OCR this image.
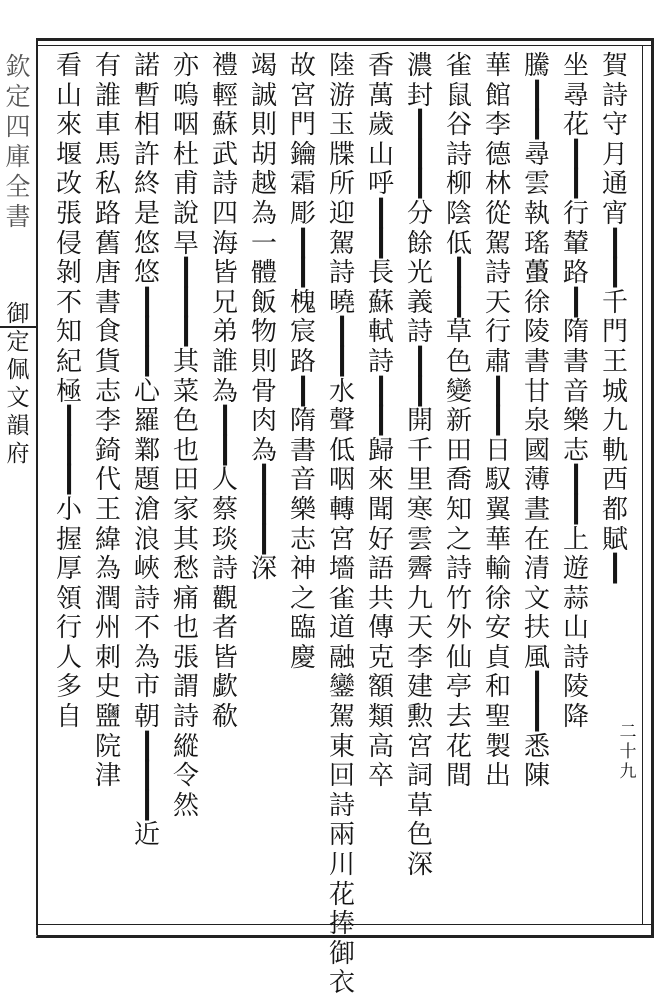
欽
定
四
庫
全
書
御
定
佩
文
韻
府
二
十
九
賀
詩
守
月
通
宵
┃
┃
千
門
王
城
九
軌
西
都
賦
┃
坐
尋
花
┃
┃
行
輦
路
┃
隋
書
音
樂
志
┃
┃
上
遊
蒜
山
詩
陵
降
騰
┃
┃
尋
雲
執
瑤
蠆
徐
陵
書
甘
泉
國
薄
晝
在
清
文
扶
風
┃
┃
悉
陳
華
館
李
德
林
從
駕
詩
天
行
肅
┃
┃
日
馭
翼
華
輸
徐
安
貞
和
聖
製
出
雀
鼠
谷
詩
柳
陰
低
┃
┃
草
色
變
新
田
喬
知
之
詩
竹
外
仙
亭
去
花
間
濃
封
┃
┃
┃
分
餘
光
義
詩
┃
┃
開
千
里
寒
雲
霽
九
天
李
建
勲
宮
詞
草
色
深
香
萬
歲
山
呼
┃
┃
長
蘇
軾
詩
┃
┃
歸
來
聞
好
語
共
傳
克
額
類
高
卒
陸
游
玉
牒
所
迎
駕
詩
曉
┃
┃
水
聲
低
咽
轉
宮
墻
雀
道
融
鑾
駕
東
回
詩
兩
川
花
捧
御
衣
故
宮
門
鑰
霜
彫
┃
┃
槐
宸
路
┃
隋
書
音
樂
志
神
之
臨
慶
竭
誠
則
胡
越
為
一
體
飯
物
則
骨
肉
為
┃
┃
┃
深
禮
輕
蘇
武
詩
四
海
皆
兄
弟
誰
為
┃
┃
人
蔡
琰
詩
觀
者
皆
歔
欷
亦
嗚
咽
杜
甫
說
旱
┃
┃
┃
其
菜
色
也
田
家
其
愁
痛
也
張
謂
詩
縱
令
然
諾
暫
相
許
終
是
悠
悠
┃
┃
┃
心
羅
鄴
題
滄
浪
峽
詩
不
為
市
朝
┃
┃
┃
近
有
誰
車
馬
私
路
舊
唐
書
食
貨
志
李
錡
代
王
緯
為
潤
州
刺
史
鹽
院
津
看
山
來
堰
改
張
侵
剝
不
知
紀
極
┃
┃
┃
小
握
厚
領
行
人
多
自
